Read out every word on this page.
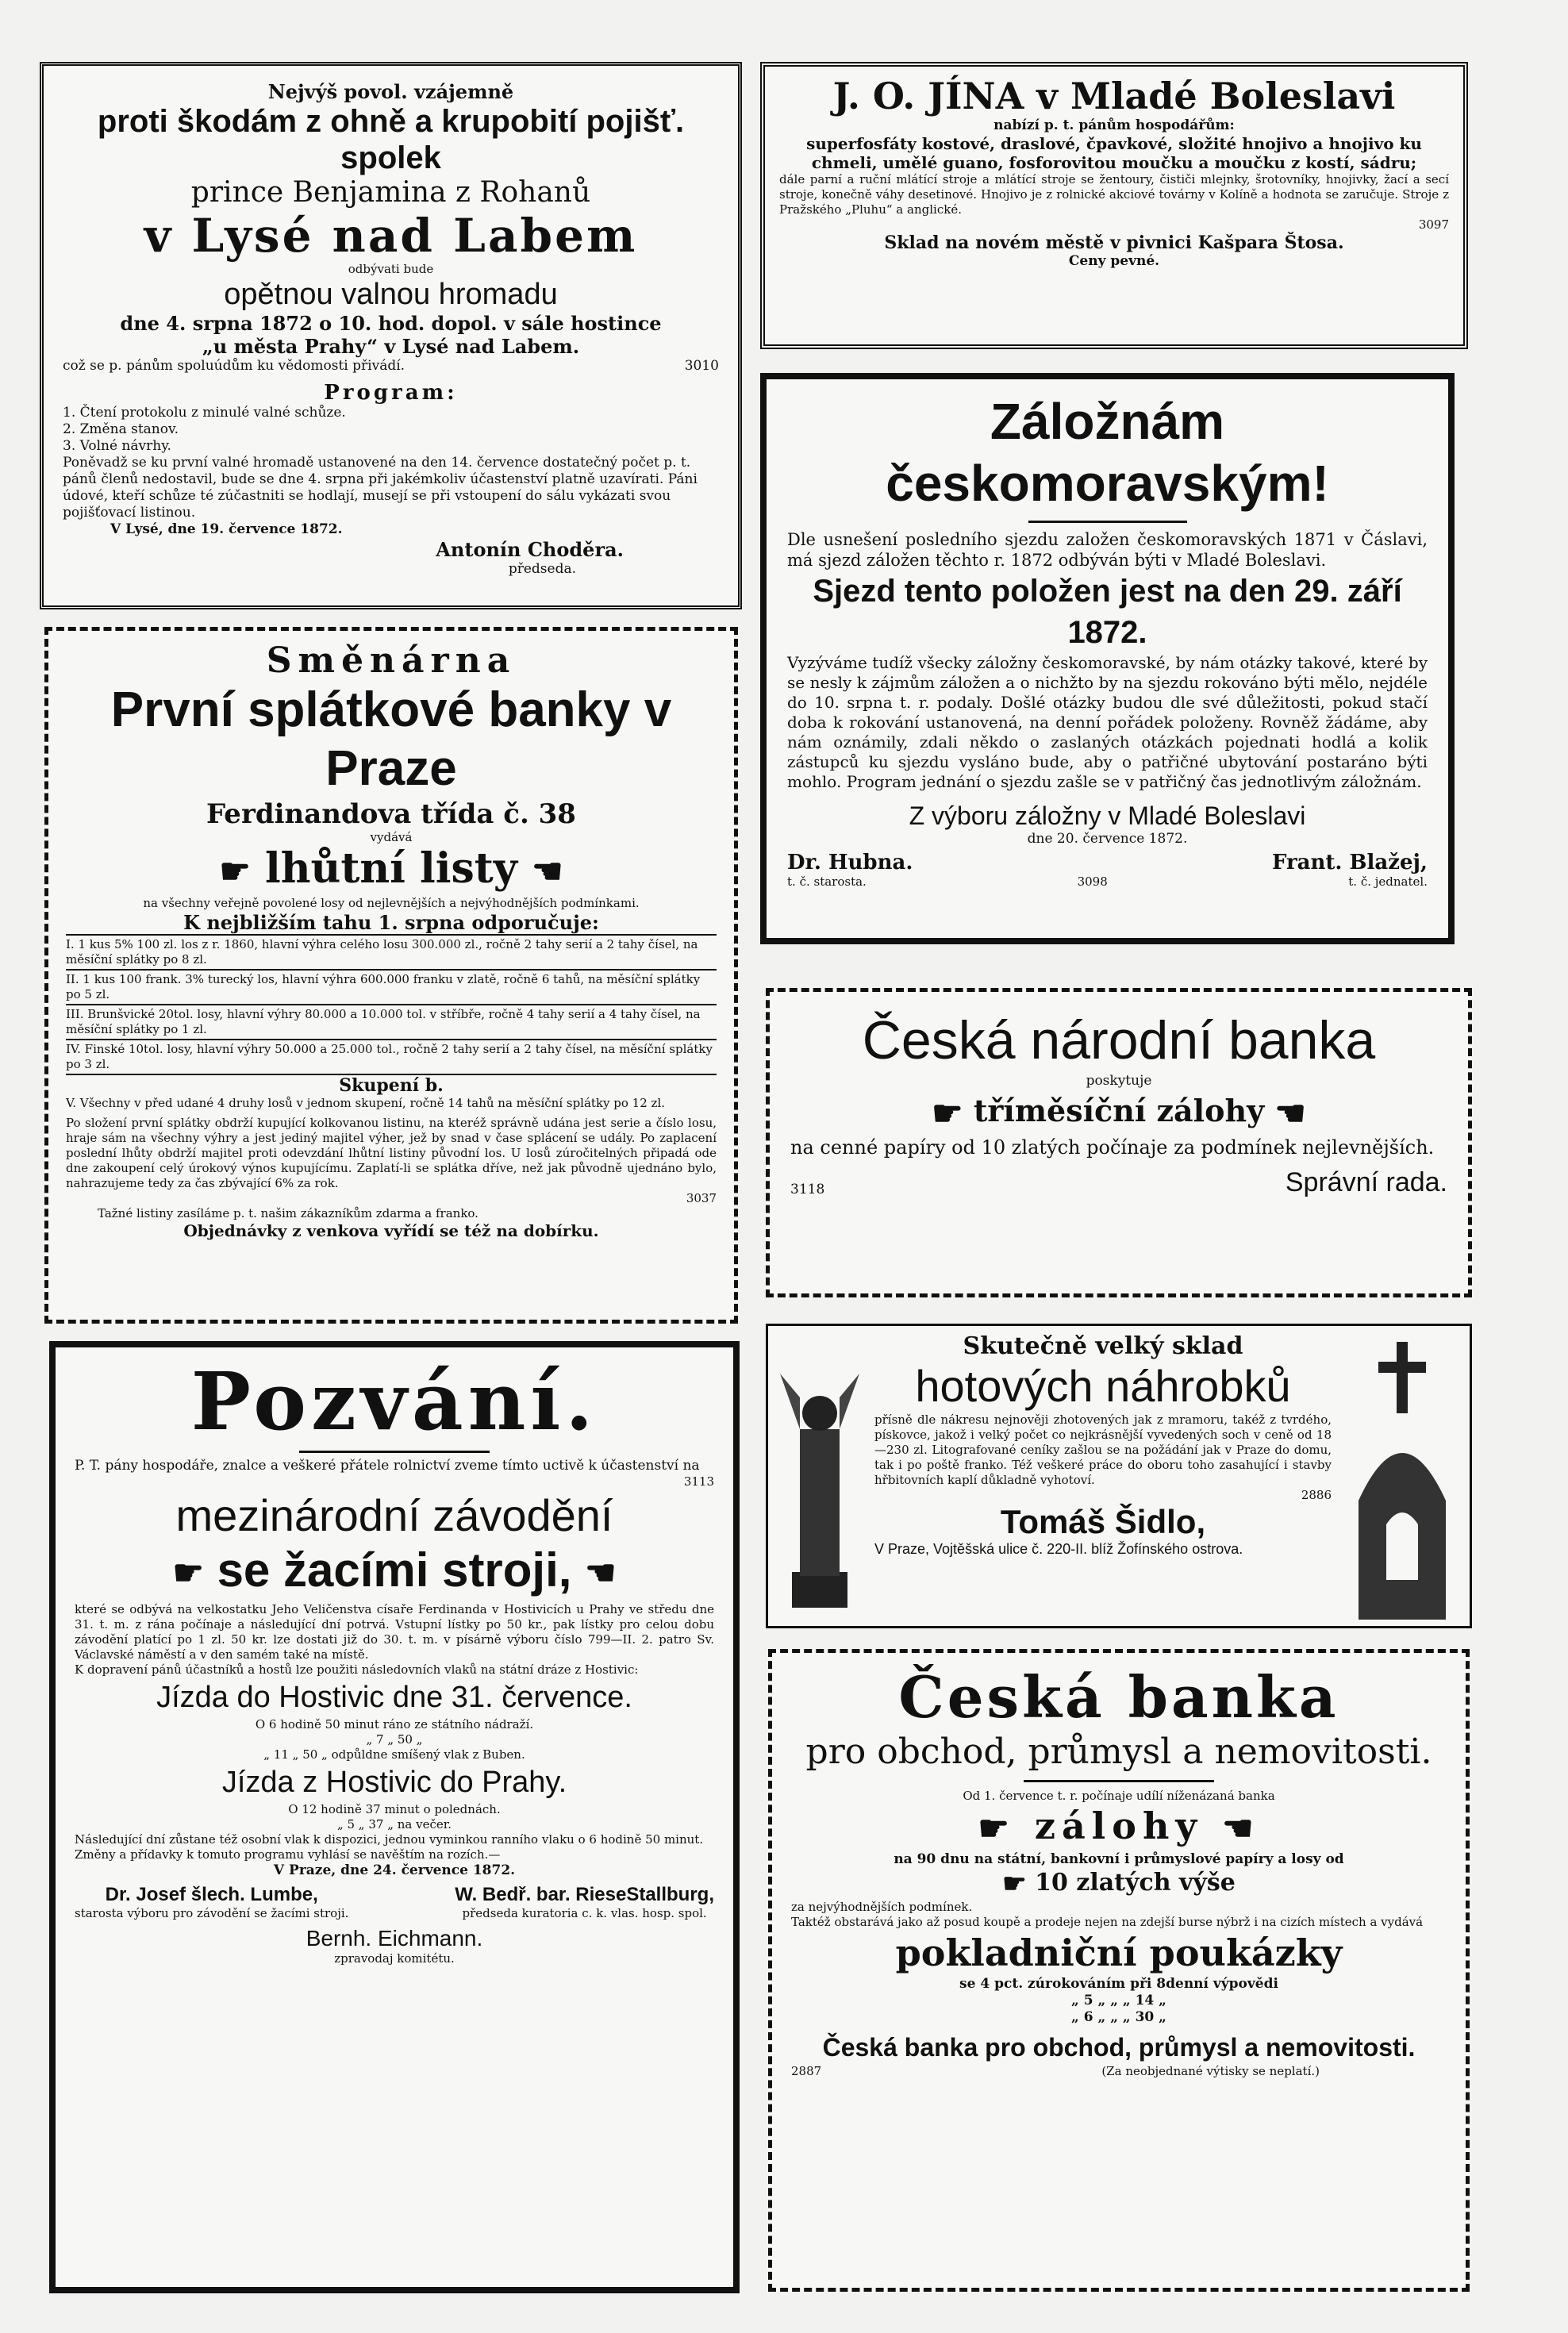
Nejvýš povol. vzájemně

proti škodám z ohně a krupobití pojišť. spolek

prince Benjamina z Rohanů

v Lysé nad Labem

odbývati bude

opětnou valnou hromadu

dne 4. srpna 1872 o 10. hod. dopol. v sále hostince

„u města Prahy“ v Lysé nad Labem.

což se p. pánům spoluúdům ku vědomosti přivádí.	3010

Program:

1. Čtení protokolu z minulé valné schůze.

2. Změna stanov.

3. Volné návrhy.

Poněvadž se ku první valné hromadě ustanovené na den 14. července dostatečný počet p. t. pánů členů nedostavil, bude se dne 4. srpna při jakémkoliv účastenství platně uzavírati. Páni údové, kteří schůze té zúčastniti se hodlají, musejí se při vstoupení do sálu vykázati svou pojišťovací listinou.

V Lysé, dne 19. července 1872.

Antonín Choděra.

předseda.

J. O. JÍNA v Mladé Boleslavi

nabízí p. t. pánům hospodářům:

superfosfáty kostové, draslové, čpavkové, složité hnojivo a hnojivo ku chmeli, umělé guano, fosforovitou moučku a moučku z kostí, sádru;

dále parní a ruční mlátící stroje a mlátící stroje se žentoury, čističi mlejnky, šrotovníky, hnojivky, žací a secí stroje, konečně váhy desetinové. Hnojivo je z rolnické akciové továrny v Kolíně a hodnota se zaručuje. Stroje z Pražského „Pluhu“ a anglické.

3097

Sklad na novém městě v pivnici Kašpara Štosa.

Ceny pevné.

Záložnám českomoravským!

Dle usnešení posledního sjezdu založen českomoravských 1871 v Čáslavi, má sjezd záložen těchto r. 1872 odbýván býti v Mladé Boleslavi.

Sjezd tento položen jest na den 29. září 1872.

Vyzýváme tudíž všecky záložny českomoravské, by nám otázky takové, které by se nesly k zájmům záložen a o nichžto by na sjezdu rokováno býti mělo, nejdéle do 10. srpna t. r. podaly. Došlé otázky budou dle své důležitosti, pokud stačí doba k rokování ustanovená, na denní pořádek položeny. Rovněž žádáme, aby nám oznámily, zdali někdo o zaslaných otázkách pojednati hodlá a kolik zástupců ku sjezdu vysláno bude, aby o patřičné ubytování postaráno býti mohlo. Program jednání o sjezdu zašle se v patřičný čas jednotlivým záložnám.

Z výboru záložny v Mladé Boleslavi

dne 20. července 1872.

Dr. Hubna.

t. č. starosta.	3098

Frant. Blažej,

t. č. jednatel.

Směnárna

První splátkové banky v Praze

Ferdinandova třída č. 38

vydává

☛ lhůtní listy ☚

na všechny veřejně povolené losy od nejlevnějších a nejvýhodnějších podmínkami.

K nejbližším tahu 1. srpna odporučuje:

I. 1 kus 5% 100 zl. los z r. 1860, hlavní výhra celého losu 300.000 zl., ročně 2 tahy serií a 2 tahy čísel, na měsíční splátky po 8 zl.

II. 1 kus 100 frank. 3% turecký los, hlavní výhra 600.000 franku v zlatě, ročně 6 tahů, na měsíční splátky po 5 zl.

III. Brunšvické 20tol. losy, hlavní výhry 80.000 a 10.000 tol. v stříbře, ročně 4 tahy serií a 4 tahy čísel, na měsíční splátky po 1 zl.

IV. Finské 10tol. losy, hlavní výhry 50.000 a 25.000 tol., ročně 2 tahy serií a 2 tahy čísel, na měsíční splátky po 3 zl.

Skupení b.

V. Všechny v před udané 4 druhy losů v jednom skupení, ročně 14 tahů na měsíční splátky po 12 zl.

Po složení první splátky obdrží kupující kolkovanou listinu, na kteréž správně udána jest serie a číslo losu, hraje sám na všechny výhry a jest jediný majitel výher, jež by snad v čase splácení se udály. Po zaplacení poslední lhůty obdrží majitel proti odevzdání lhůtní listiny původní los. U losů zúročitelných připadá ode dne zakoupení celý úrokový výnos kupujícímu. Zaplatí-li se splátka dříve, než jak původně ujednáno bylo, nahrazujeme tedy za čas zbývající 6% za rok.

3037

Tažné listiny zasíláme p. t. našim zákazníkům zdarma a franko.

Objednávky z venkova vyřídí se též na dobírku.

Česká národní banka

poskytuje

☛ tříměsíční zálohy ☚

na cenné papíry od 10 zlatých počínaje za podmínek nejlevnějších.

3118	Správní rada.

Pozvání.

P. T. pány hospodáře, znalce a veškeré přátele rolnictví zveme tímto uctivě k účastenství na

3113

mezinárodní závodění

☛ se žacími stroji, ☚

které se odbývá na velkostatku Jeho Veličenstva císaře Ferdinanda v Hostivicích u Prahy ve středu dne 31. t. m. z rána počínaje a následující dní potrvá. Vstupní lístky po 50 kr., pak lístky pro celou dobu závodění platící po 1 zl. 50 kr. lze dostati již do 30. t. m. v písárně výboru číslo 799—II. 2. patro Sv. Václavské náměstí a v den samém také na místě.

K dopravení pánů účastníků a hostů lze použiti následovních vlaků na státní dráze z Hostivic:

Jízda do Hostivic dne 31. července.

O 6 hodině 50 minut ráno ze státního nádraží.

„ 7 „ 50 „

„ 11 „ 50 „ odpůldne smíšený vlak z Buben.

Jízda z Hostivic do Prahy.

O 12 hodině 37 minut o polednách.

„ 5 „ 37 „ na večer.

Následující dní zůstane též osobní vlak k dispozici, jednou vyminkou ranního vlaku o 6 hodině 50 minut.

Změny a přídavky k tomuto programu vyhlásí se navěštím na rozích.—

V Praze, dne 24. července 1872.

Dr. Josef šlech. Lumbe,

starosta výboru pro závodění se žacími stroji.

W. Bedř. bar. RieseStallburg,

předseda kuratoria c. k. vlas. hosp. spol.

Bernh. Eichmann.

zpravodaj komitétu.

Skutečně velký sklad

hotových náhrobků

přísně dle nákresu nejnověji zhotovených jak z mramoru, takéž z tvrdého, pískovce, jakož i velký počet co nejkrásnější vyvedených soch v ceně od 18—230 zl. Litografované ceníky zašlou se na požádání jak v Praze do domu, tak i po poště franko. Též veškeré práce do oboru toho zasahující i stavby hřbitovních kaplí důkladně vyhotoví.

2886

Tomáš Šidlo,

V Praze, Vojtěšská ulice č. 220-II. blíž Žofínského ostrova.

Česká banka

pro obchod, průmysl a nemovitosti.

Od 1. července t. r. počínaje udílí níženázaná banka

☛ zálohy ☚

na 90 dnu na státní, bankovní i průmyslové papíry a losy od

☛ 10 zlatých výše

za nejvýhodnějších podmínek.

Taktéž obstarává jako až posud koupě a prodeje nejen na zdejší burse nýbrž i na cizích místech a vydává

pokladniční poukázky

se 4 pct. zúrokováním při 8denní výpovědi

„ 5 „ „ „ 14 „

„ 6 „ „ „ 30 „

Česká banka pro obchod, průmysl a nemovitosti.

2887	(Za neobjednané výtisky se neplatí.)
